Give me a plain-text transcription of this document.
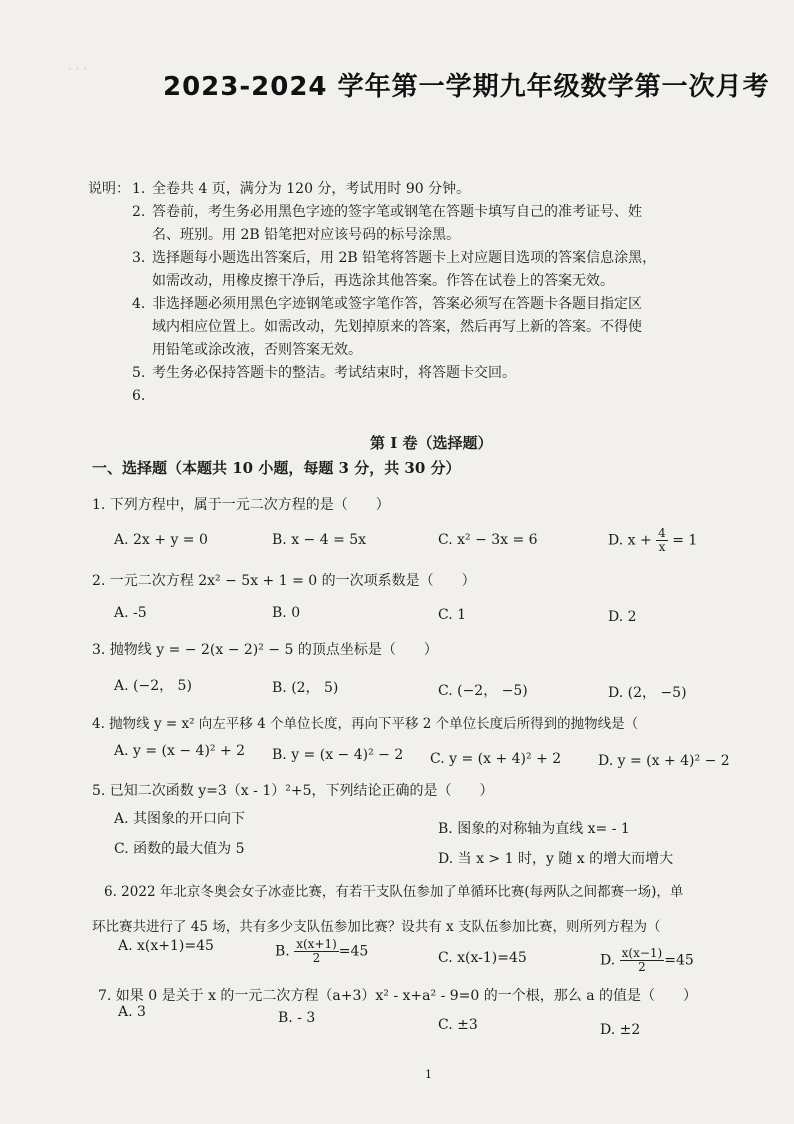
· · ·
2023-2024 学年第一学期九年级数学第一次月考
说明： 1. 全卷共 4 页，满分为 120 分，考试用时 90 分钟。
2. 答卷前，考生务必用黑色字迹的签字笔或钢笔在答题卡填写自己的准考证号、姓
名、班别。用 2B 铅笔把对应该号码的标号涂黑。
3. 选择题每小题选出答案后，用 2B 铅笔将答题卡上对应题目选项的答案信息涂黑，
如需改动，用橡皮擦干净后，再选涂其他答案。作答在试卷上的答案无效。
4. 非选择题必须用黑色字迹钢笔或签字笔作答，答案必须写在答题卡各题目指定区
域内相应位置上。如需改动，先划掉原来的答案，然后再写上新的答案。不得使
用铅笔或涂改液，否则答案无效。
5. 考生务必保持答题卡的整洁。考试结束时，将答题卡交回。
6.
第 I 卷（选择题）
一、选择题（本题共 10 小题，每题 3 分，共 30 分）
1. 下列方程中，属于一元二次方程的是（　　）
A. 2x + y = 0	B. x − 4 = 5x	C. x² − 3x = 6	D. $x + \frac{4}{x} = 1$
2. 一元二次方程 2x² − 5x + 1 = 0 的一次项系数是（　　）
A. -5	B. 0	C. 1	D. 2
3. 抛物线 y = − 2(x − 2)² − 5 的顶点坐标是（　　）
A. (−2， 5)	B. (2， 5)	C. (−2， −5)	D. (2， −5)
4. 抛物线 y = x² 向左平移 4 个单位长度，再向下平移 2 个单位长度后所得到的抛物线是（
A. y = (x − 4)² + 2 B. y = (x − 4)² − 2 C. y = (x + 4)² + 2	D. y = (x + 4)² − 2
5. 已知二次函数 y=3（x - 1）²+5，下列结论正确的是（　　）
A. 其图象的开口向下
B. 图象的对称轴为直线 x= - 1
C. 函数的最大值为 5
D. 当 x > 1 时，y 随 x 的增大而增大
6. 2022 年北京冬奥会女子冰壶比赛，有若干支队伍参加了单循环比赛(每两队之间都赛一场)，单
环比赛共进行了 45 场，共有多少支队伍参加比赛？设共有 x 支队伍参加比赛，则所列方程为（
A. x(x+1)=45	B. $\frac{x(x+1)}{2} =45$	C. x(x-1)=45	D. $\frac{x(x-1)}{2} =45$
7. 如果 0 是关于 x 的一元二次方程（a+3）x² - x+a² - 9=0 的一个根，那么 a 的值是（　　）
A. 3	B. - 3	C. ±3	D. ±2
1
